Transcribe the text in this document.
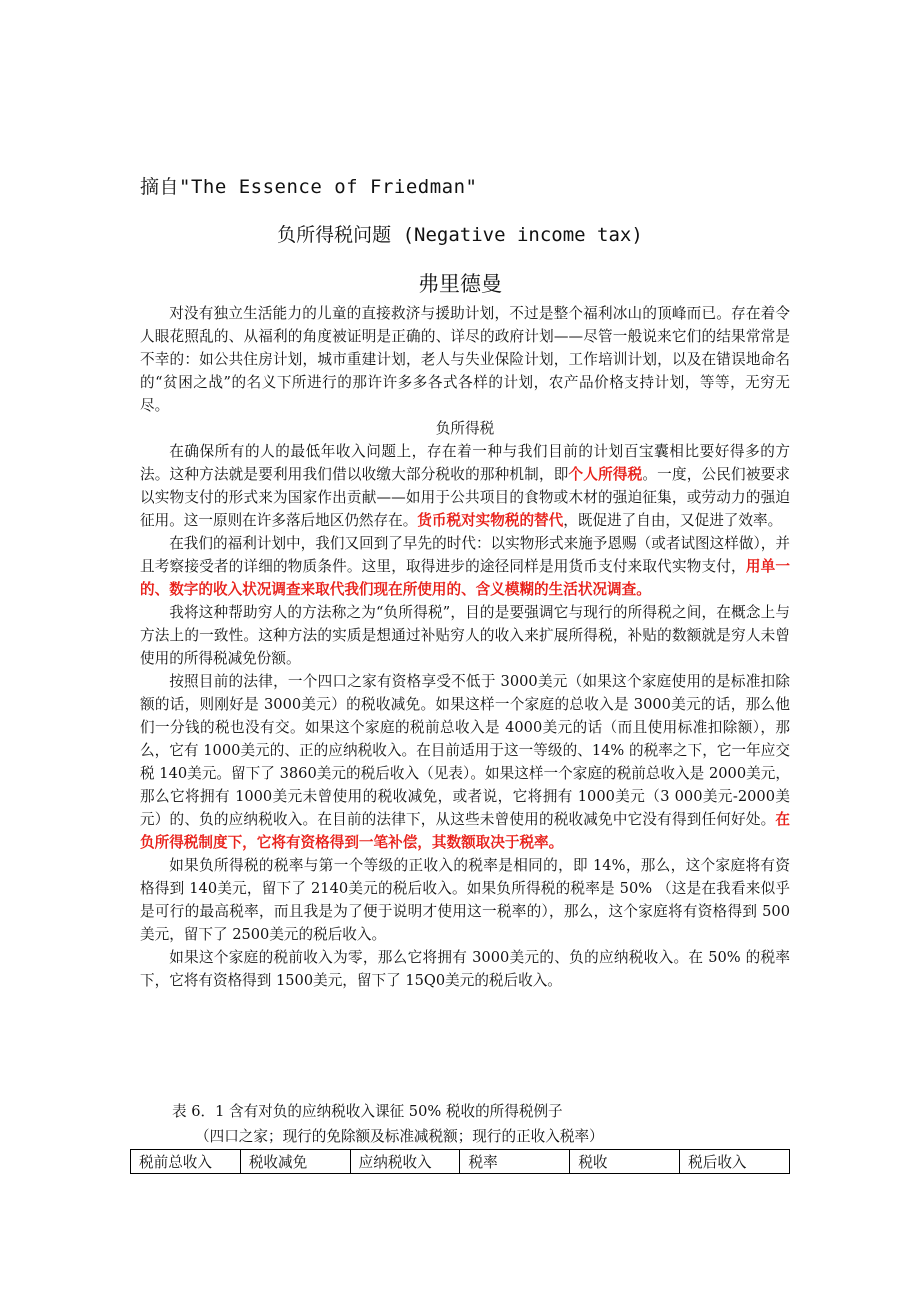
摘自"The Essence of Friedman"
负所得税问题 (Negative income tax)
弗里德曼

对没有独立生活能力的儿童的直接救济与援助计划，不过是整个福利冰山的顶峰而已。存在着令人眼花照乱的、从福利的角度被证明是正确的、详尽的政府计划——尽管一般说来它们的结果常常是不幸的：如公共住房计划，城市重建计划，老人与失业保险计划，工作培训计划，以及在错误地命名的“贫困之战”的名义下所进行的那许许多多各式各样的计划，农产品价格支持计划，等等，无穷无尽。

负所得税

在确保所有的人的最低年收入问题上，存在着一种与我们目前的计划百宝囊相比要好得多的方法。这种方法就是要利用我们借以收缴大部分税收的那种机制，即个人所得税。一度，公民们被要求以实物支付的形式来为国家作出贡献——如用于公共项目的食物或木材的强迫征集，或劳动力的强迫征用。这一原则在许多落后地区仍然存在。货币税对实物税的替代，既促进了自由，又促进了效率。

在我们的福利计划中，我们又回到了早先的时代：以实物形式来施予恩赐（或者试图这样做），并且考察接受者的详细的物质条件。这里，取得进步的途径同样是用货币支付来取代实物支付，用单一的、数字的收入状况调查来取代我们现在所使用的、含义模糊的生活状况调查。

我将这种帮助穷人的方法称之为“负所得税”，目的是要强调它与现行的所得税之间，在概念上与方法上的一致性。这种方法的实质是想通过补贴穷人的收入来扩展所得税，补贴的数额就是穷人未曾使用的所得税减免份额。

按照目前的法律，一个四口之家有资格享受不低于 3000美元（如果这个家庭使用的是标准扣除额的话，则刚好是 3000美元）的税收减免。如果这样一个家庭的总收入是 3000美元的话，那么他们一分钱的税也没有交。如果这个家庭的税前总收入是 4000美元的话（而且使用标准扣除额），那么，它有 1000美元的、正的应纳税收入。在目前适用于这一等级的、14% 的税率之下，它一年应交税 140美元。留下了 3860美元的税后收入（见表）。如果这样一个家庭的税前总收入是 2000美元，那么它将拥有 1000美元未曾使用的税收减免，或者说，它将拥有 1000美元（3 000美元-2000美元）的、负的应纳税收入。在目前的法律下，从这些未曾使用的税收减免中它没有得到任何好处。在负所得税制度下，它将有资格得到一笔补偿，其数额取决于税率。

如果负所得税的税率与第一个等级的正收入的税率是相同的，即 14%，那么，这个家庭将有资格得到 140美元，留下了 2140美元的税后收入。如果负所得税的税率是 50% （这是在我看来似乎是可行的最高税率，而且我是为了便于说明才使用这一税率的），那么，这个家庭将有资格得到 500美元，留下了 2500美元的税后收入。

如果这个家庭的税前收入为零，那么它将拥有 3000美元的、负的应纳税收入。在 50% 的税率下，它将有资格得到 1500美元，留下了 15Q0美元的税后收入。

表 6．1 含有对负的应纳税收入课征 50% 税收的所得税例子
（四口之家；现行的免除额及标准减税额；现行的正收入税率）
税前总收入	税收减免	应纳税收入	税率	税收	税后收入
